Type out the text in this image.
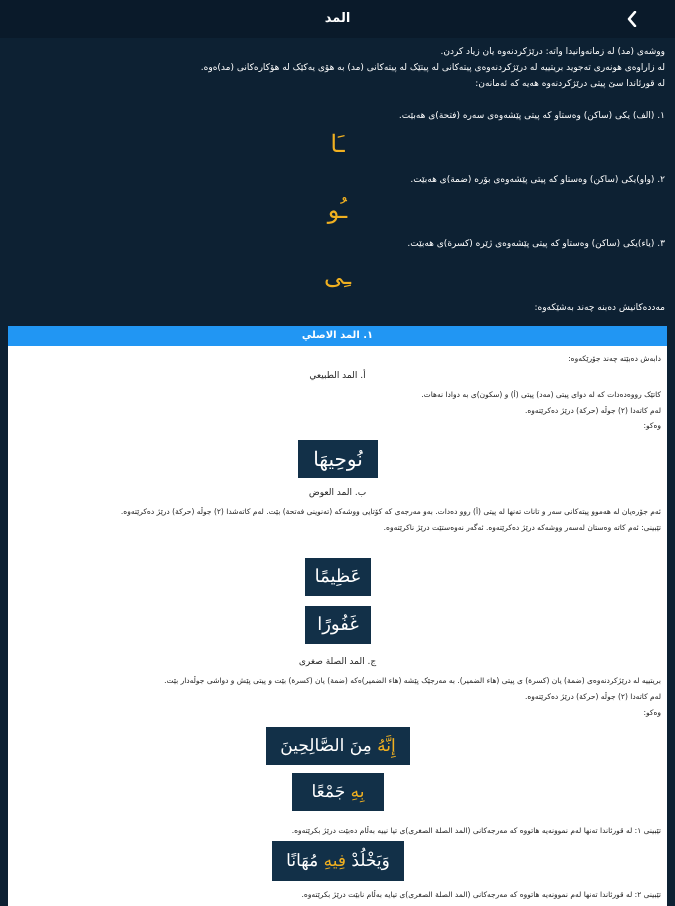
المد
ووشەی (مد) لە زمانەوانیدا واتە: درێژکردنەوە یان زیاد کردن.
لە زاراوەی هونەری تەجوید بریتییە لە درێژکردنەوەی پیتەکانی لە پیتێک لە پیتەکانی (مد) بە هۆی یەکێک لە هۆکارەکانی (مد)ەوە.
لە قورئاندا سێ پیتی درێژکردنەوە هەیە کە ئەمانەن:
١. (ألف) یکی (ساکن) وەستاو کە پیتی پێشەوەی سەرە (فتحة)ی هەبێت.
ـَا
٢. (واو)یکی (ساکن) وەستاو کە پیتی پێشەوەی بۆرە (ضمة)ی هەبێت.
ـُو
٣. (یاء)یکی (ساکن) وەستاو کە پیتی پێشەوەی ژێرە (کسرة)ی هەبێت.
ـِی
مەددەکانیش دەبنە چەند بەشێکەوە:
١. المد الاصلي
دابەش دەبێتە چەند جۆرێکەوە:
أ. المد الطبيعي
کاتێک رووەدەدات کە لە دوای پیتی (مەد) پیتی (أ) و (سکون)ی بە دوادا نەهات.
لەم کاتەدا (٢) جوڵە (حرکة) درێژ دەکرێتەوە.
وەکو:
نُوحِيهَا
ب. المد العوض
ئەم جۆرەیان لە هەموو پیتەکانی سەر و تانات تەنها لە پیتی (أ) روو دەدات. بەو مەرجەی کە کۆتایی ووشەکە (تەنوینی فەتحة) بێت. لەم کاتەشدا (٢) جوڵە (حرکة) درێژ دەکرێتەوە.
تێبینی: ئەم کاتە وەستان لەسەر ووشەکە درێژ دەکرێتەوە. ئەگەر نەوەستێت درێژ ناکرێتەوە.
عَظِيمًا
غَفُورًا
ج. المد الصلة صغرى
بریتییە لە درێژکردنەوەی (ضمة) یان (کسرة) ی پیتی (هاء الضمیر). بە مەرجێک پێشە (هاء الضمیر)ەکە (ضمة) یان (کسرة) بێت و پیتی پێش و دواشی جوڵەدار بێت.
لەم کاتەدا (٢) جوڵە (حرکة) درێژ دەکرێتەوە.
وەکو:
إِنَّهُ مِنَ الصَّالِحِينَ
بِهِ جَمْعًا
تێبینی ١: لە قورئاندا تەنها لەم نموونەیە هاتووە کە مەرجەکانی (المد الصلة الصغرى)ی تیا نییە بەڵام دەبێت درێژ بکرێتەوە.
وَيَخْلُدْ فِيهِ مُهَانًا
تێبینی ٢: لە قورئاندا تەنها لەم نموونەیە هاتووە کە مەرجەکانی (المد الصلة الصغرى)ی تیایە بەڵام نابێت درێژ بکرێتەوە.
